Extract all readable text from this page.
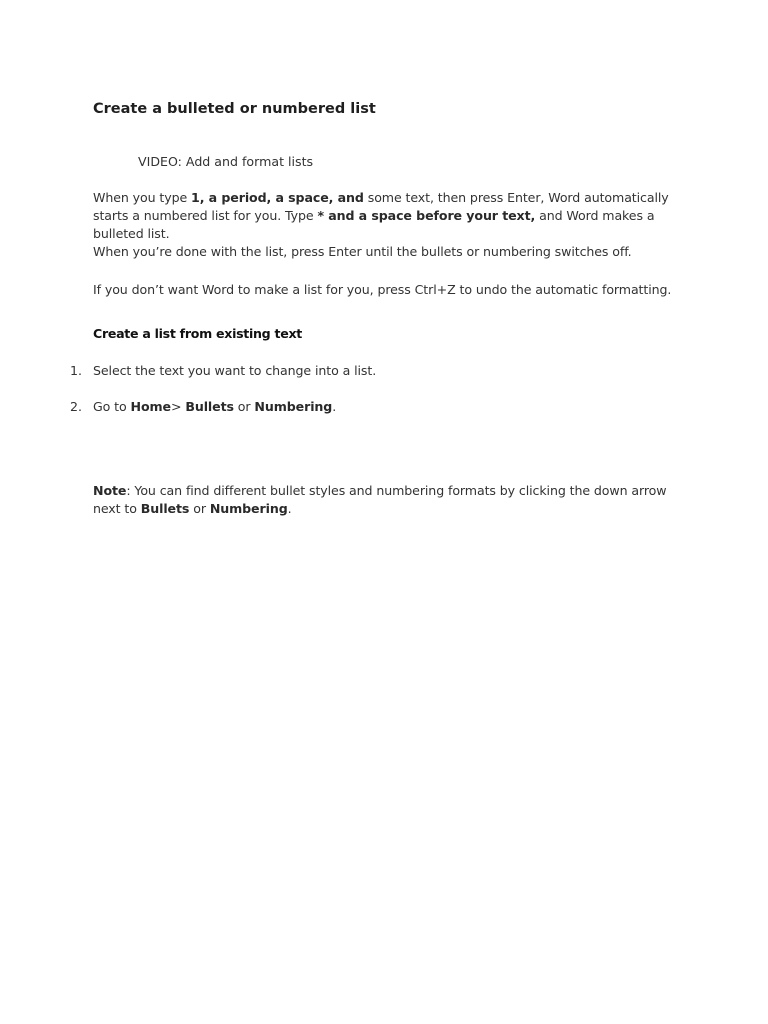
Create a bulleted or numbered list
VIDEO: Add and format lists
When you type 1, a period, a space, and some text, then press Enter, Word automatically starts a numbered list for you. Type * and a space before your text, and Word makes a bulleted list.
When you’re done with the list, press Enter until the bullets or numbering switches off.
If you don’t want Word to make a list for you, press Ctrl+Z to undo the automatic formatting.
Create a list from existing text
1. Select the text you want to change into a list.
2. Go to Home> Bullets or Numbering.
Note: You can find different bullet styles and numbering formats by clicking the down arrow next to Bullets or Numbering.
